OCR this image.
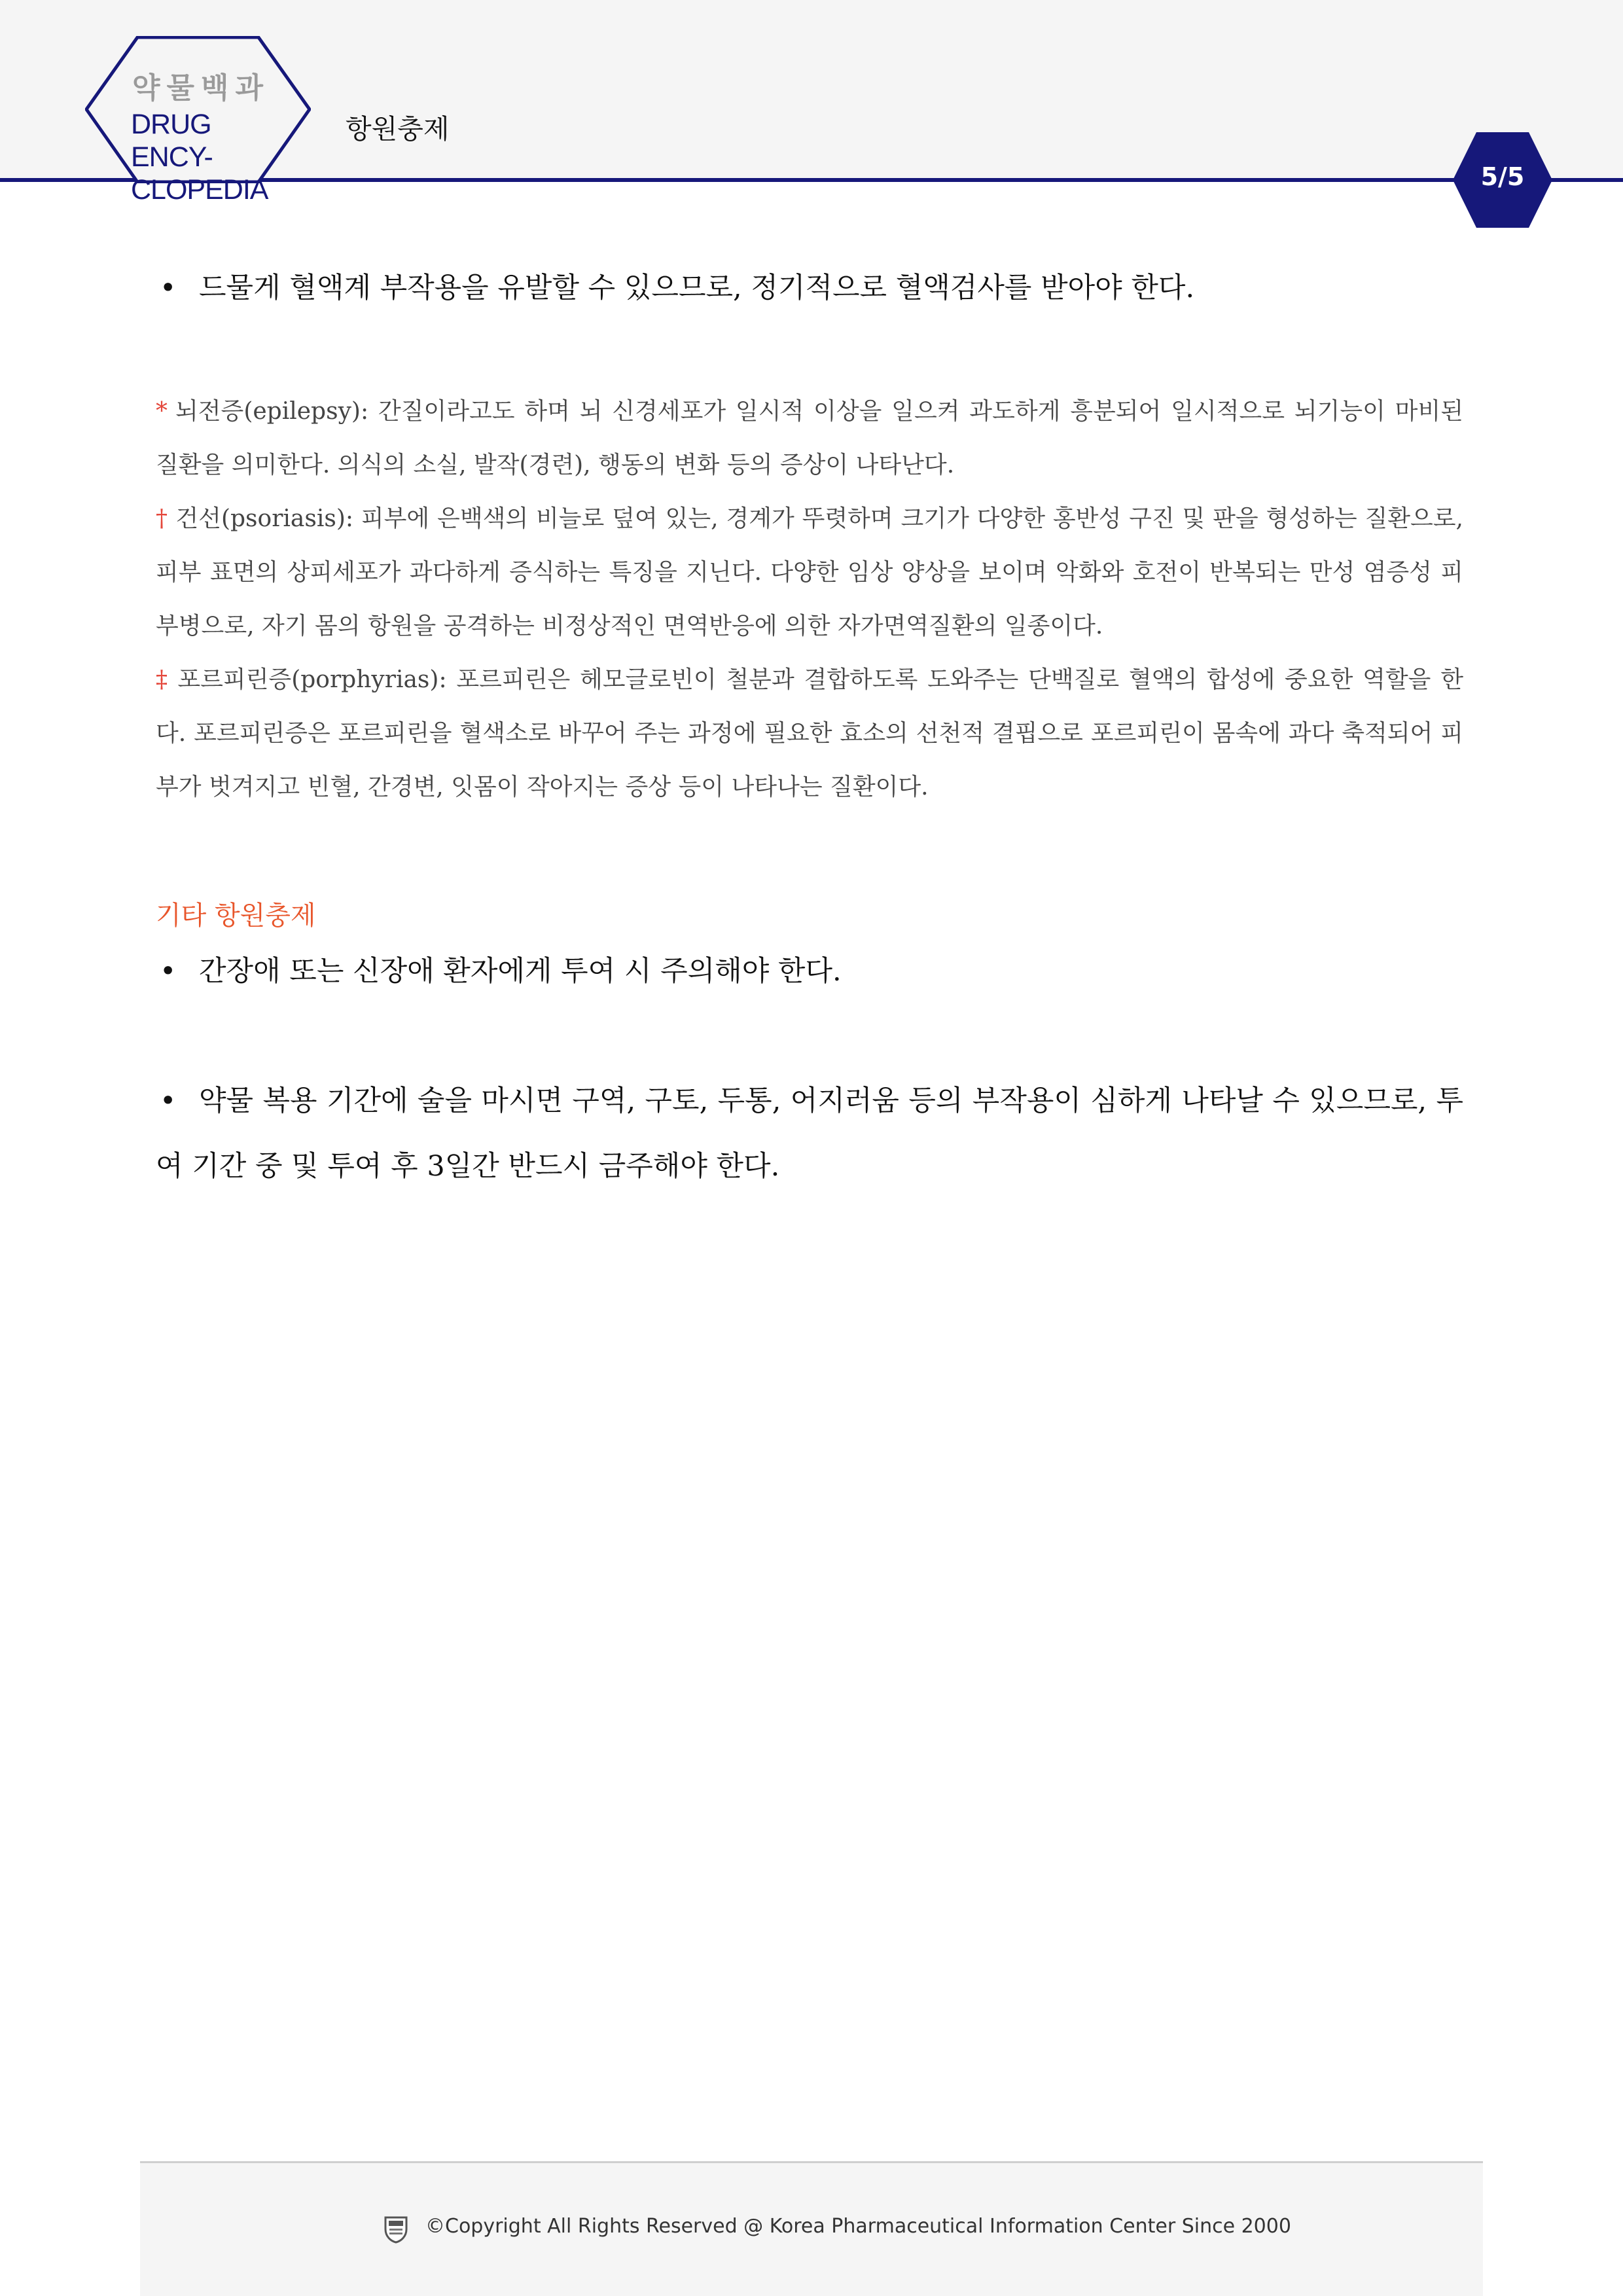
약물백과
DRUG ENCY-CLOPEDIA
항원충제
5/5

• 드물게 혈액계 부작용을 유발할 수 있으므로, 정기적으로 혈액검사를 받아야 한다.

* 뇌전증(epilepsy): 간질이라고도 하며 뇌 신경세포가 일시적 이상을 일으켜 과도하게 흥분되어 일시적으로 뇌기능이 마비된 질환을 의미한다. 의식의 소실, 발작(경련), 행동의 변화 등의 증상이 나타난다.

† 건선(psoriasis): 피부에 은백색의 비늘로 덮여 있는, 경계가 뚜렷하며 크기가 다양한 홍반성 구진 및 판을 형성하는 질환으로, 피부 표면의 상피세포가 과다하게 증식하는 특징을 지닌다. 다양한 임상 양상을 보이며 악화와 호전이 반복되는 만성 염증성 피부병으로, 자기 몸의 항원을 공격하는 비정상적인 면역반응에 의한 자가면역질환의 일종이다.

‡ 포르피린증(porphyrias): 포르피린은 헤모글로빈이 철분과 결합하도록 도와주는 단백질로 혈액의 합성에 중요한 역할을 한다. 포르피린증은 포르피린을 혈색소로 바꾸어 주는 과정에 필요한 효소의 선천적 결핍으로 포르피린이 몸속에 과다 축적되어 피부가 벗겨지고 빈혈, 간경변, 잇몸이 작아지는 증상 등이 나타나는 질환이다.

기타 항원충제

• 간장애 또는 신장애 환자에게 투여 시 주의해야 한다.

• 약물 복용 기간에 술을 마시면 구역, 구토, 두통, 어지러움 등의 부작용이 심하게 나타날 수 있으므로, 투여 기간 중 및 투여 후 3일간 반드시 금주해야 한다.

©Copyright All Rights Reserved @ Korea Pharmaceutical Information Center Since 2000
